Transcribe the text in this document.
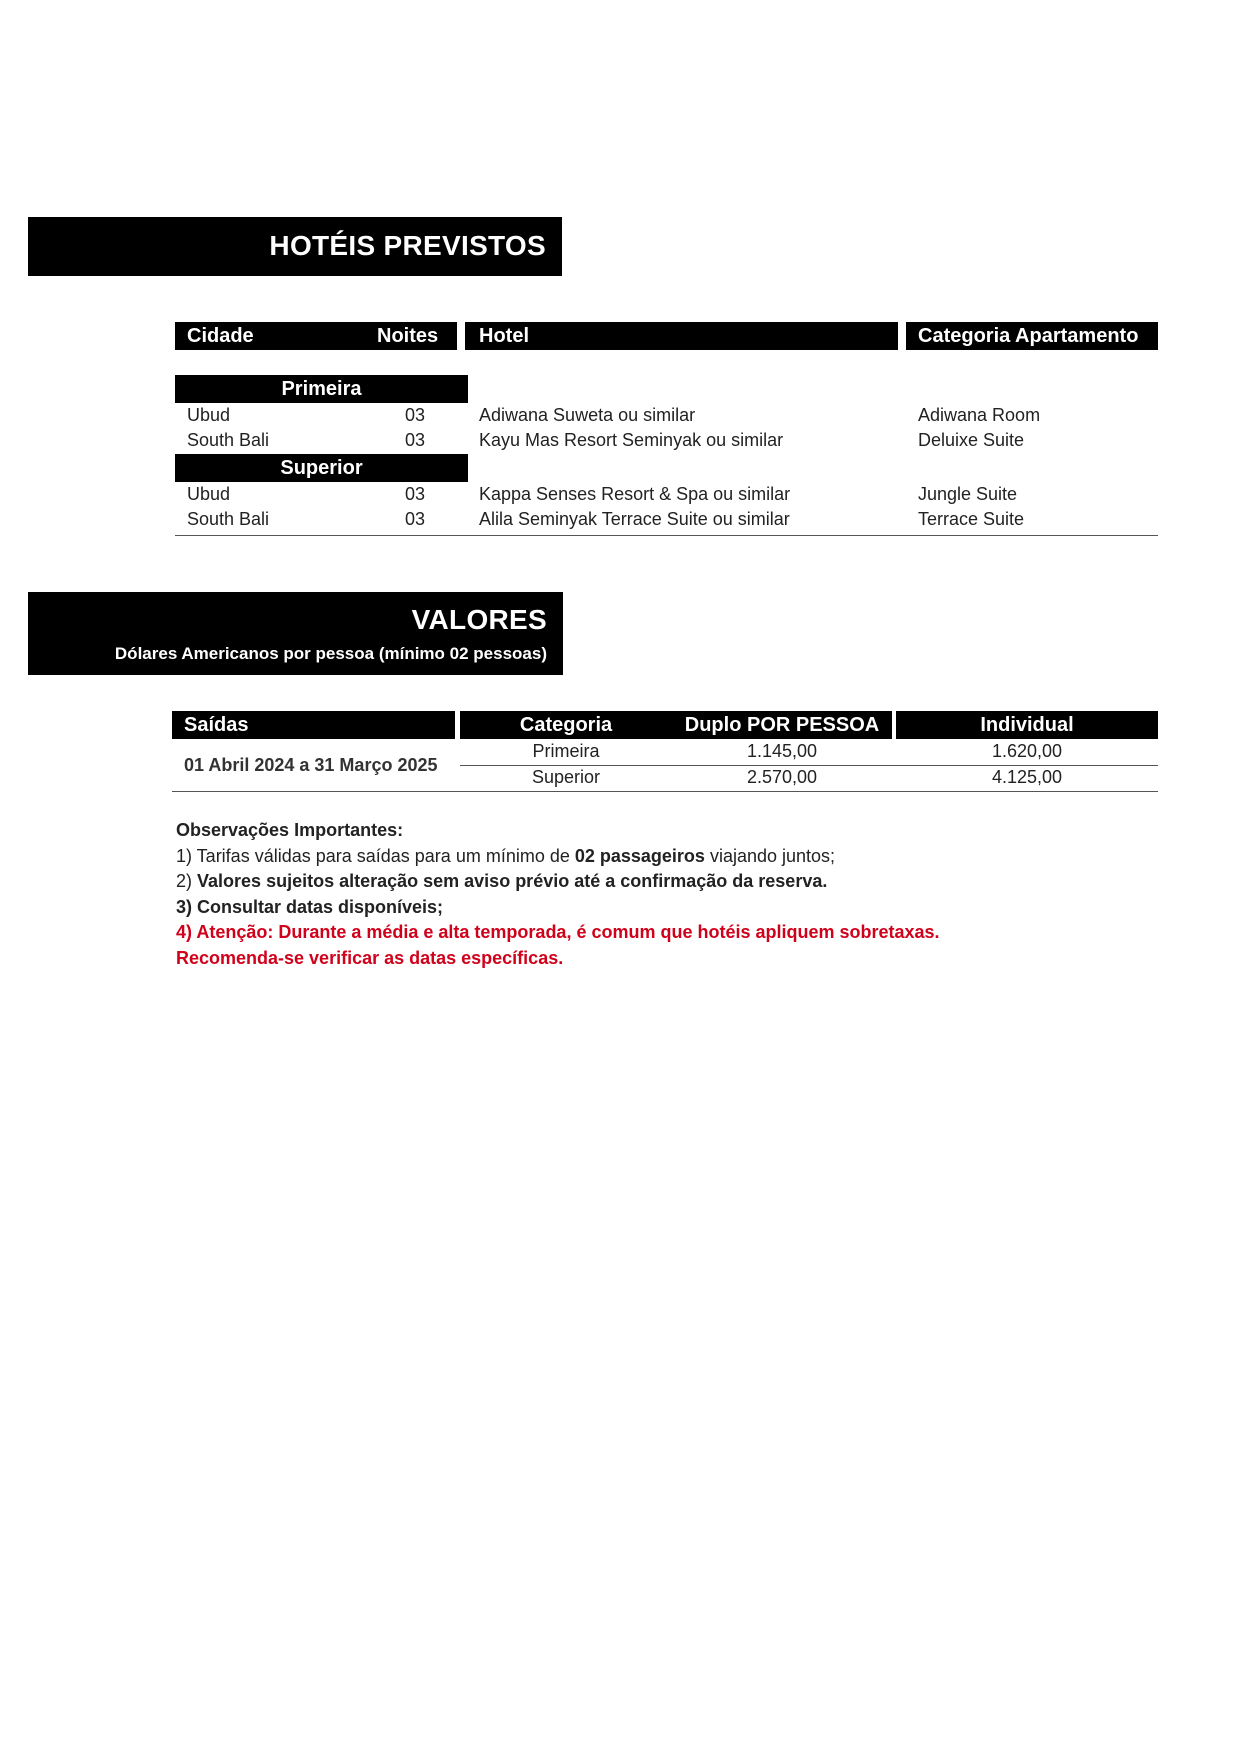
HOTÉIS PREVISTOS
Cidade	Noites Hotel	Categoria Apartamento
Primeira
Ubud	03	Adiwana Suweta ou similar	Adiwana Room
South Bali	03	Kayu Mas Resort Seminyak ou similar	Deluixe Suite
Superior
Ubud	03	Kappa Senses Resort & Spa ou similar	Jungle Suite
South Bali	03	Alila Seminyak Terrace Suite ou similar	Terrace Suite
VALORES
Dólares Americanos por pessoa (mínimo 02 pessoas)
Saídas	Categoria	Duplo POR PESSOA	Individual
01 Abril 2024 a 31 Março 2025
Primeira	1.145,00	1.620,00
Superior	2.570,00	4.125,00
Observações Importantes:
1) Tarifas válidas para saídas para um mínimo de 02 passageiros viajando juntos;
2) Valores sujeitos alteração sem aviso prévio até a confirmação da reserva.
3) Consultar datas disponíveis;
4) Atenção: Durante a média e alta temporada, é comum que hotéis apliquem sobretaxas.
Recomenda-se verificar as datas específicas.
